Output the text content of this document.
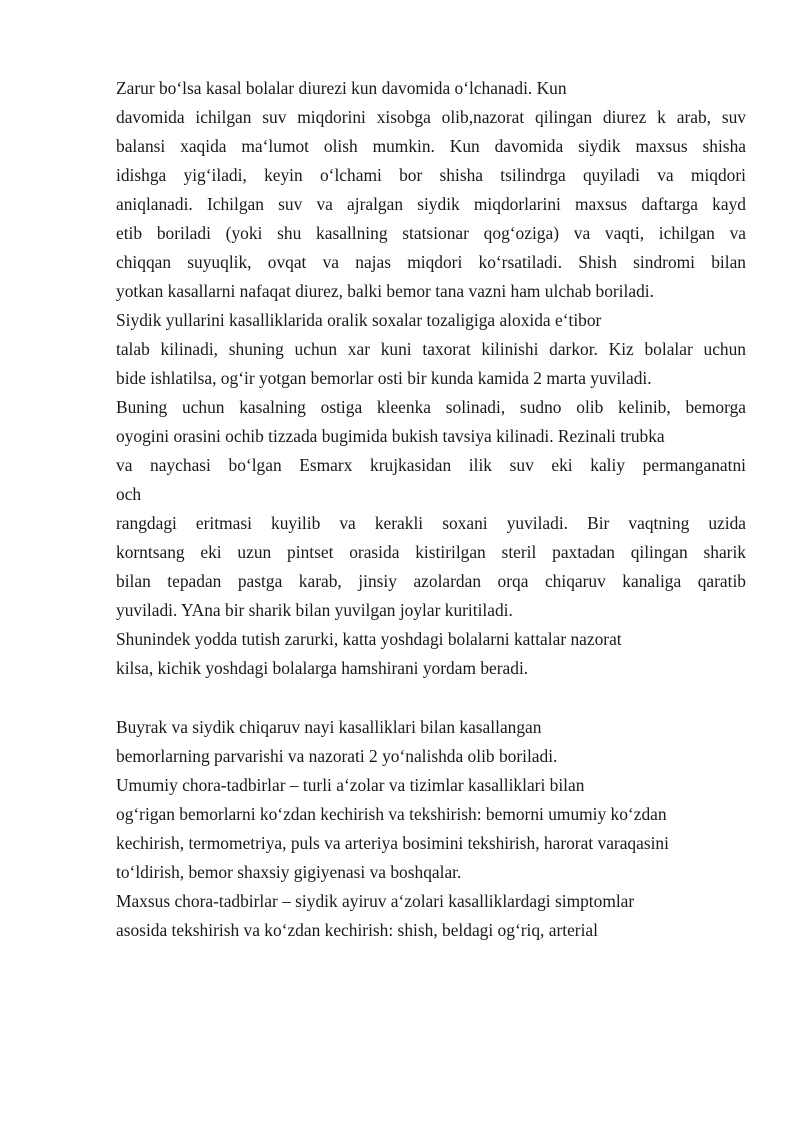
Zarur boʻlsa kasal bolalar diurezi kun davomida oʻlchanadi. Kun
davomida ichilgan suv miqdorini xisobga olib,nazorat qilingan diurez k arab, suv
balansi xaqida maʻlumot olish mumkin. Kun davomida siydik maxsus shisha
idishga yigʻiladi, keyin oʻlchami bor shisha tsilindrga quyiladi va miqdori
aniqlanadi. Ichilgan suv va ajralgan siydik miqdorlarini maxsus daftarga kayd
etib boriladi (yoki shu kasallning statsionar qogʻoziga) va vaqti, ichilgan va
chiqqan suyuqlik, ovqat va najas miqdori koʻrsatiladi. Shish sindromi bilan
yotkan kasallarni nafaqat diurez, balki bemor tana vazni ham ulchab boriladi.
Siydik yullarini kasalliklarida oralik soxalar tozaligiga aloxida eʻtibor
talab kilinadi, shuning uchun xar kuni taxorat kilinishi darkor. Kiz bolalar uchun
bide ishlatilsa, ogʻir yotgan bemorlar osti bir kunda kamida 2 marta yuviladi.
Buning uchun kasalning ostiga kleenka solinadi, sudno olib kelinib, bemorga
oyogini orasini ochib tizzada bugimida bukish tavsiya kilinadi. Rezinali trubka
va naychasi boʻlgan Esmarx krujkasidan ilik suv eki kaliy permanganatni
och
rangdagi eritmasi kuyilib va kerakli soxani yuviladi. Bir vaqtning uzida
korntsang eki uzun pintset orasida kistirilgan steril paxtadan qilingan sharik
bilan tepadan pastga karab, jinsiy azolardan orqa chiqaruv kanaliga qaratib
yuviladi. YAna bir sharik bilan yuvilgan joylar kuritiladi.
Shunindek yodda tutish zarurki, katta yoshdagi bolalarni kattalar nazorat
kilsa, kichik yoshdagi bolalarga hamshirani yordam beradi.
Buyrak va siydik chiqaruv nayi kasalliklari bilan kasallangan
bemorlarning parvarishi va nazorati 2 yoʻnalishda olib boriladi.
Umumiy chora-tadbirlar – turli aʻzolar va tizimlar kasalliklari bilan
ogʻrigan bemorlarni koʻzdan kechirish va tekshirish: bemorni umumiy koʻzdan
kechirish, termometriya, puls va arteriya bosimini tekshirish, harorat varaqasini
toʻldirish, bemor shaxsiy gigiyenasi va boshqalar.
Maxsus chora-tadbirlar – siydik ayiruv aʻzolari kasalliklardagi simptomlar
asosida tekshirish va koʻzdan kechirish: shish, beldagi ogʻriq, arterial
